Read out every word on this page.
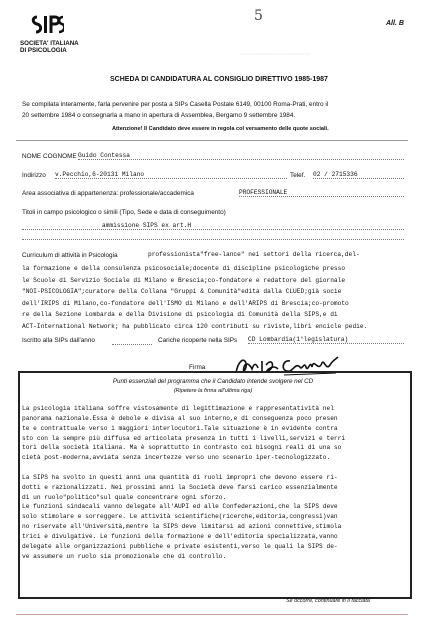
SOCIETA' ITALIANA
DI PSICOLOGIA
5	All. B
~~~~~~~~~~~~~~~~~~~~~~~~
SCHEDA DI CANDIDATURA AL CONSIGLIO DIRETTIVO 1985-1987
Se compilata interamente, farla pervenire per posta a SIPs Casella Postale 6149, 00100 Roma-Prati, entro il
20 settembre 1984 o consegnarla a mano in apertura di Assemblea, Bergamo 9 settembre 1984.
Attenzione! Il Candidato deve essere in regola col versamento delle quote sociali.
NOME COGNOME Guido Contessa
Indirizzo v.Pecchio,6-20131 Milano	Telef. 02 / 2715336
Area associativa di appartenenza: professionale/accademica	PROFESSIONALE
Titoli in campo psicologico o simili (Tipo, Sede e data di conseguimento)
ammissione SIPS ex art.H
Curriculum di attività in Psicologia	professionista"free-lance" nei settori della ricerca,del-
la formazione e della consulenza psicosociale;docente di discipline psicologiche presso
le Scuole di Servizio Sociale di Milano e Brescia;co-fondatore e redattore del giornale
"NOI-PSICOLOGIA";curatore della Collana "Gruppi & Comunità"edita dalla CLUED;già socie
dell'IRIPS di Milano,co-fondatore dell'ISMO di Milano e dell'ARIPS di Brescia;co-promoto
re della Sezione Lombarda e della Divisione di psicologia di Comunità della SIPS,e di
ACT-International Network; ha pubblicato circa 120 contributi su riviste,libri encicle pedie.
Iscritto alla SIPs dall'anno	Cariche ricoperte nella SIPs CD Lombardia(1°legislatura)
Firma
Punti essenziali del programma che il Candidato intende svolgere nel CD
(Ripetere la firma all'ultima riga)
La psicologia italiana soffre vistosamente di legittimazione e rappresentatività nel
panorama nazionale.Essa è debole e divisa al suo interno,e di conseguenza poco presen
te e contrattuale verso i maggiori interlocutori.Tale situazione è in evidente contra
sto con la sempre più diffusa ed articolata presenza in tutti i livelli,servizi e terri
tori della società italiana. Ma è soprattutto in contrasto coi bisogni reali di una so
cietà post-moderna,avviata senza incertezze verso uno scenario iper-tecnologizzato.

La SIPS ha svolto in questi anni una quantità di ruoli impropri che devono essere ri-
dotti e razionalizzati. Nei prossimi anni la Società deve farsi carico essenzialmente
di un ruolo"politico"sul quale concentrare ogni sforzo.
Le funzioni sindacali vanno delegate all'AUPI ed alle Confederazioni,che la SIPS deve
solo stimolare e sorreggere. Le attività scientifiche(ricerche,editoria,congressi)van
no riservate all'Università,mentre la SIPS deve limitarsi ad azioni connettive,stimola
trici e divulgative. Le funzioni della formazione e dell'editoria specializzata,vanno
delegate alle organizzazioni pubbliche e private esistenti,verso le quali la SIPS de-
ve assumere un ruolo sia promozionale che di controllo.
Se occorre, continuare in il facciata
